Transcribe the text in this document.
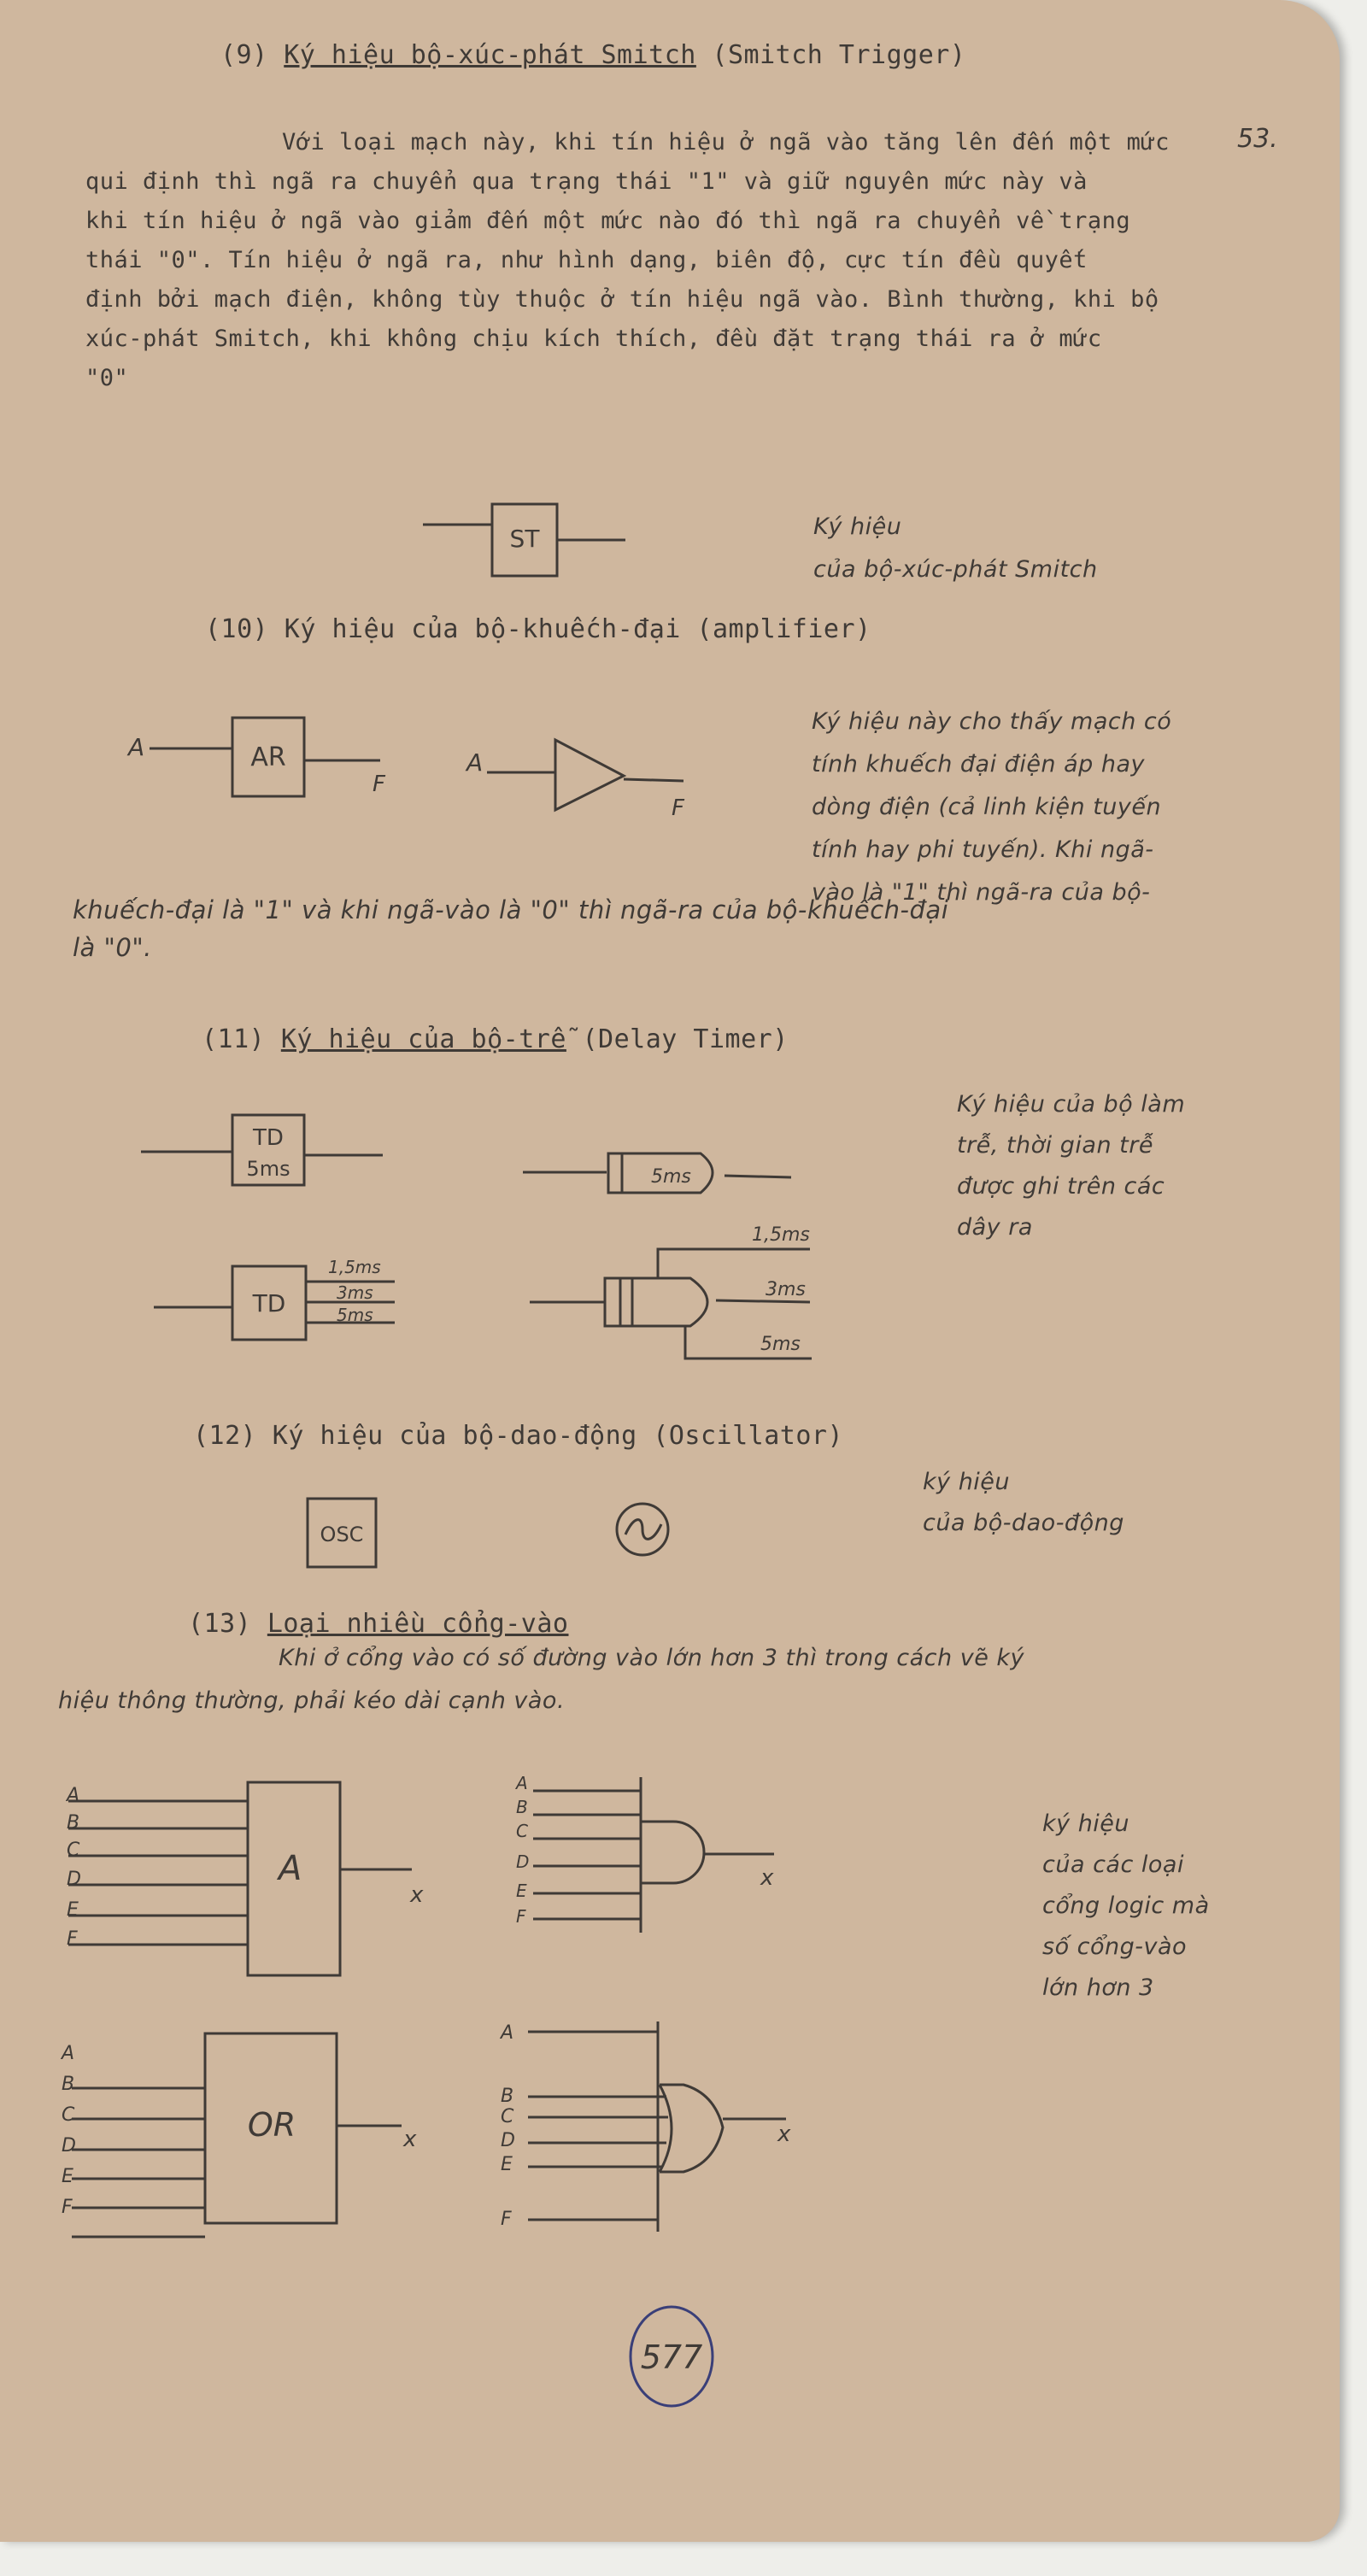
53.
(9) Ký hiệu bộ-xúc-phát Smitch (Smitch Trigger)
Với loại mạch này, khi tín hiệu ở ngã vào tăng lên đến một mức
qui định thì ngã ra chuyển qua trạng thái "1" và giữ nguyên mức này và
khi tín hiệu ở ngã vào giảm đến một mức nào đó thì ngã ra chuyển về trạng
thái "0". Tín hiệu ở ngã ra, như hình dạng, biên độ, cực tín đều quyết
định bởi mạch điện, không tùy thuộc ở tín hiệu ngã vào. Bình thường, khi bộ
xúc-phát Smitch, khi không chịu kích thích, đều đặt trạng thái ra ở mức
"0"
Ký hiệu
của bộ-xúc-phát Smitch
(10) Ký hiệu của bộ-khuếch-đại (amplifier)
Ký hiệu này cho thấy mạch có
tính khuếch đại điện áp hay
dòng điện (cả linh kiện tuyến
tính hay phi tuyến). Khi ngã-
vào là "1" thì ngã-ra của bộ-
khuếch-đại là "1" và khi ngã-vào là "0" thì ngã-ra của bộ-khuếch-đại
là "0".
(11) Ký hiệu của bộ-trễ (Delay Timer)
Ký hiệu của bộ làm
trễ, thời gian trễ
được ghi trên các
dây ra
(12) Ký hiệu của bộ-dao-động (Oscillator)
ký hiệu
của bộ-dao-động
(13) Loại nhiều cổng-vào
Khi ở cổng vào có số đường vào lớn hơn 3 thì trong cách vẽ ký
hiệu thông thường, phải kéo dài cạnh vào.
ký hiệu
của các loại
cổng logic mà
số cổng-vào
lớn hơn 3
ST
A	AR
F
A
F
TD
5ms	5ms
TD
1,5ms
3ms
5ms
1,5ms
3ms
5ms
OSC
A
x
x
OR	x	x
A
B
C
D
E
F
A
B
C
D
E
F
A
B
C
D
E
F
A
B
C
D
E
F
577
